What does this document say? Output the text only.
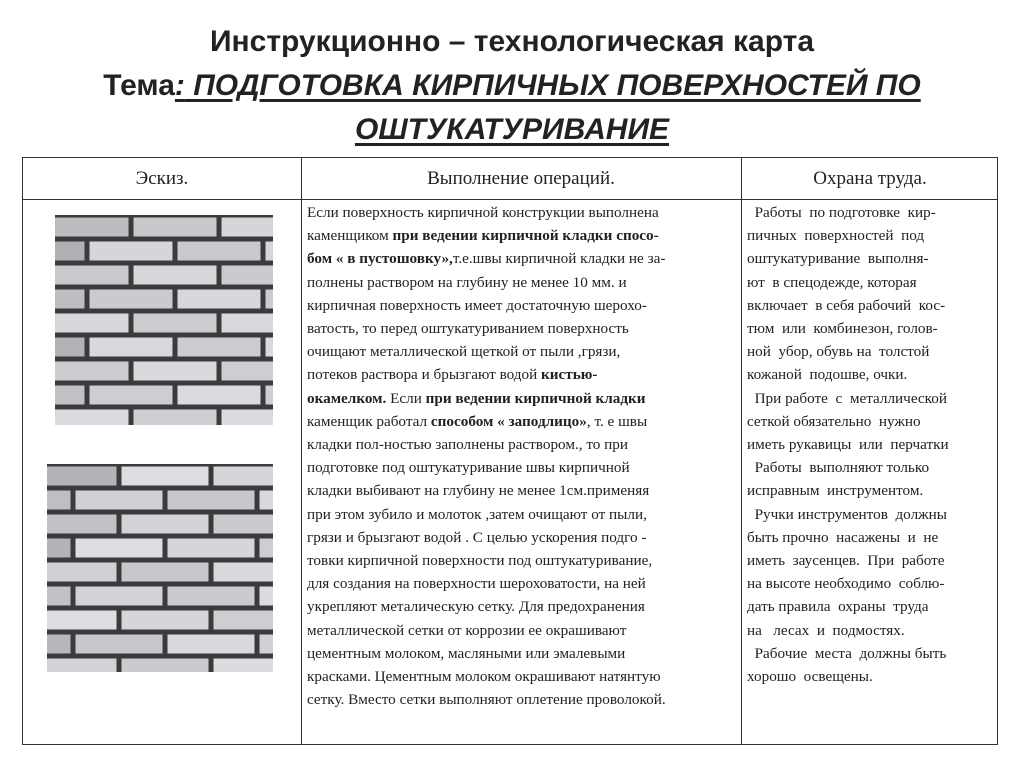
Инструкционно – технологическая карта
Тема: ПОДГОТОВКА КИРПИЧНЫХ ПОВЕРХНОСТЕЙ ПО
ОШТУКАТУРИВАНИЕ
Эскиз.	Выполнение операций.	Охрана труда.
Если поверхность кирпичной конструкции выполнена
каменщиком при ведении кирпичной кладки спосо-
бом « в пустошовку»,т.е.швы кирпичной кладки не за-
полнены раствором на глубину не менее 10 мм. и
кирпичная поверхность имеет достаточную шерохо-
ватость, то перед оштукатуриванием поверхность
очищают металлической щеткой от пыли ,грязи,
потеков раствора и брызгают водой кистью-
окамелком. Если при ведении кирпичной кладки
каменщик работал способом « заподлицо», т. е швы
кладки пол-ностью заполнены раствором., то при
подготовке под оштукатуривание швы кирпичной
кладки выбивают на глубину не менее 1см.применяя
при этом зубило и молоток ,затем очищают от пыли,
грязи и брызгают водой . С целью ускорения подго -
товки кирпичной поверхности под оштукатуривание,
для создания на поверхности шероховатости, на ней
укрепляют металическую сетку. Для предохранения
металлической сетки от коррозии ее окрашивают
цементным молоком, масляными или эмалевыми
красками. Цементным молоком окрашивают натянтую
сетку. Вместо сетки выполняют оплетение проволокой.
Работы  по подготовке  кир-
пичных  поверхностей  под
оштукатуривание  выполня-
ют  в спецодежде, которая
включает  в себя рабочий  кос-
тюм  или  комбинезон, голов-
ной  убор, обувь на  толстой
кожаной  подошве, очки.
При работе  с  металлической
сеткой обязательно  нужно
иметь рукавицы  или  перчатки
Работы  выполняют только
исправным  инструментом.
Ручки инструментов  должны
быть прочно  насажены  и  не
иметь  заусенцев.  При  работе
на высоте необходимо  соблю-
дать правила  охраны  труда
на   лесах  и  подмостях.
Рабочие  места  должны быть
хорошо  освещены.
